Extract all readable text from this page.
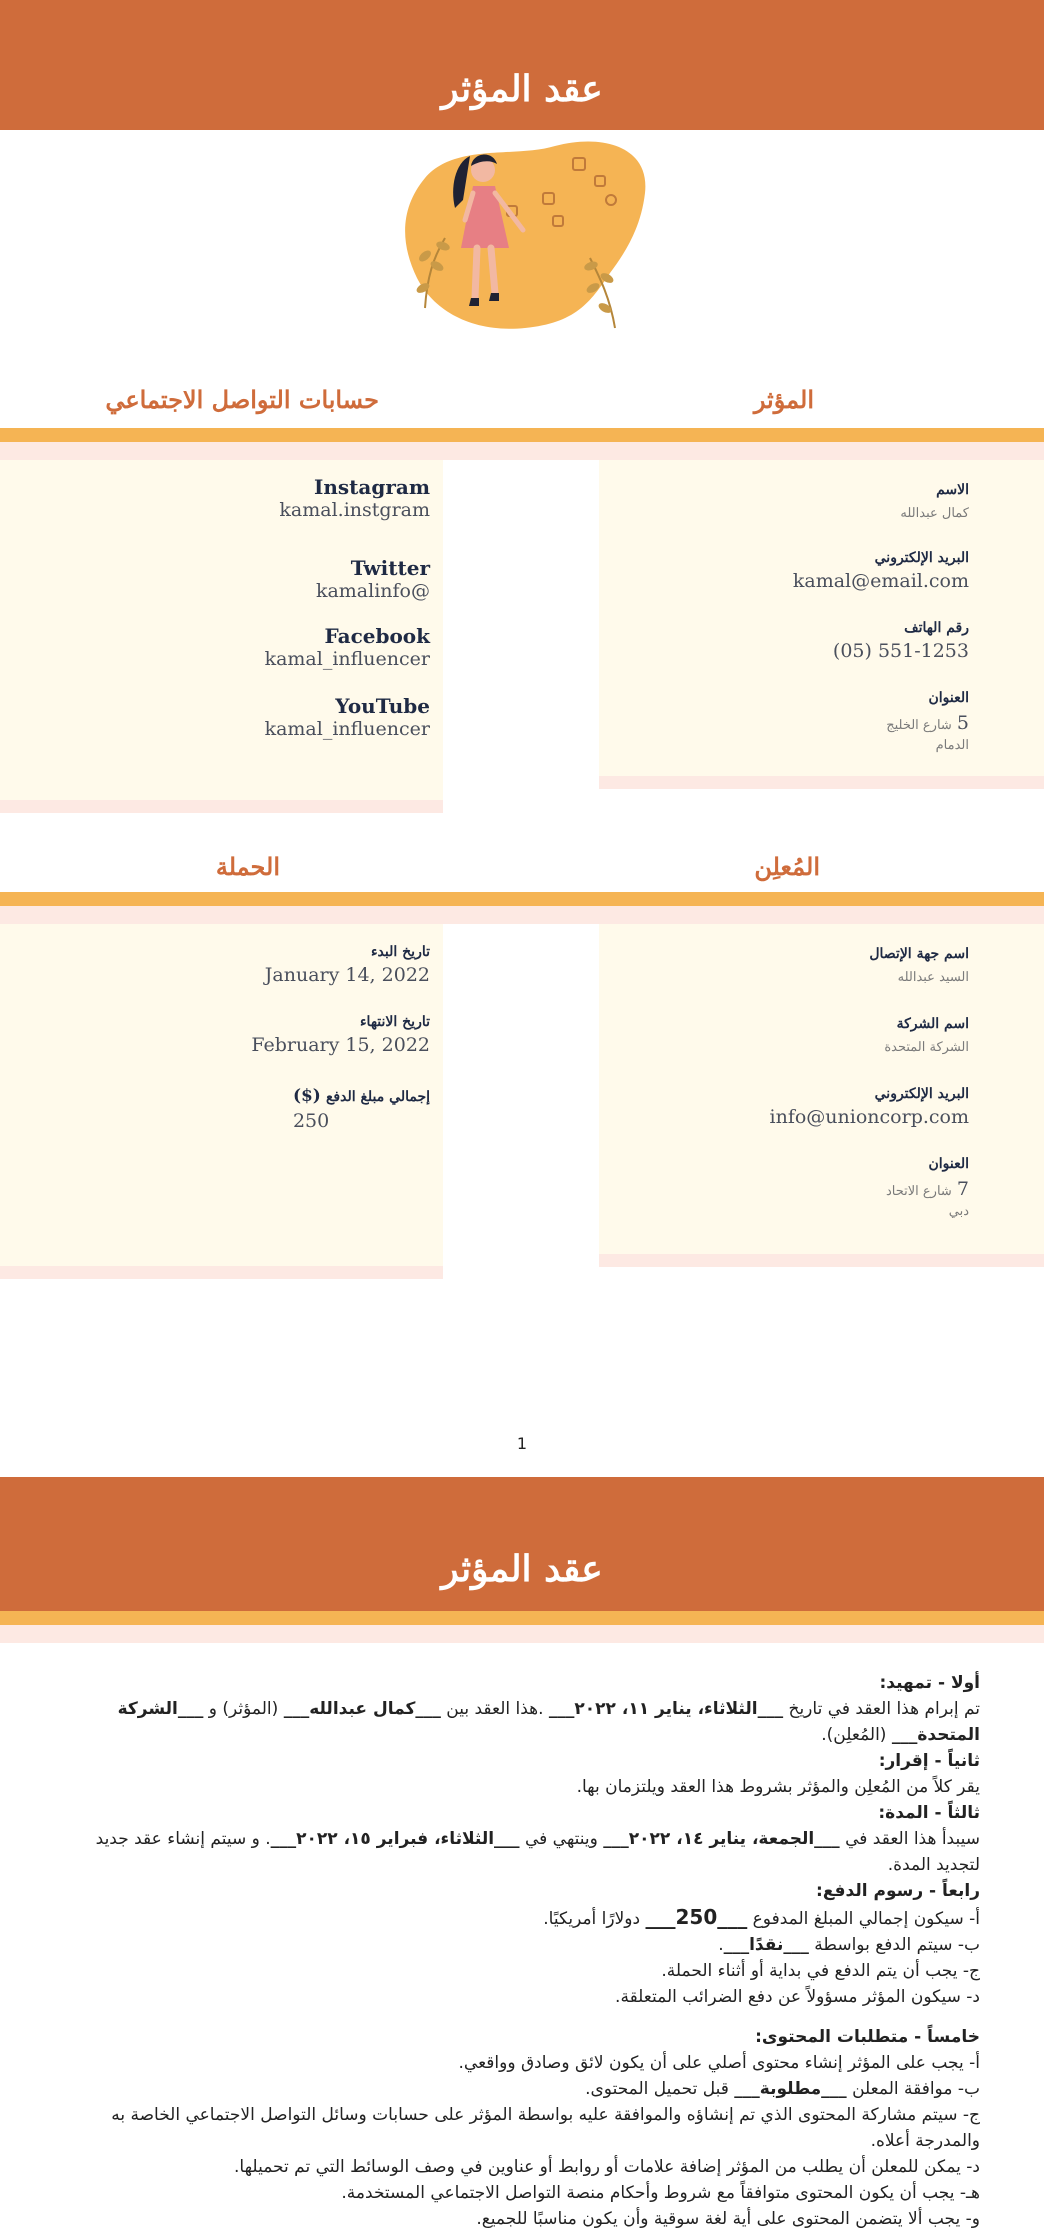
عقد المؤثر
المؤثر
حسابات التواصل الاجتماعي
Instagram
kamal.instgram
Twitter
kamalinfo@
Facebook
kamal_influencer
YouTube
kamal_influencer
الاسم
كمال عبدالله
البريد الإلكتروني
kamal@email.com
رقم الهاتف
(05) 551-1253
العنوان
5 شارع الخليج
الدمام
المُعلِن
الحملة
تاريخ البدء
January 14, 2022
تاريخ الانتهاء
February 15, 2022
إجمالي مبلغ الدفع ($)
250
اسم جهة الإتصال
السيد عبدالله
اسم الشركة
الشركة المتحدة
البريد الإلكتروني
info@unioncorp.com
العنوان
7 شارع الاتحاد
دبي
1
عقد المؤثر
أولا - تمهيد:
تم إبرام هذا العقد في تاريخ ___الثلاثاء، يناير ١١، ٢٠٢٢___ .هذا العقد بين ___كمال عبدالله___ (المؤثر) و ___الشركة المتحدة___ (المُعلِن).
ثانياً - إقرار:
يقر كلاً من المُعلِن والمؤثر بشروط هذا العقد ويلتزمان بها.
ثالثاً - المدة:
سيبدأ هذا العقد في ___الجمعة، يناير ١٤، ٢٠٢٢___ وينتهي في ___الثلاثاء، فبراير ١٥، ٢٠٢٢___. و سيتم إنشاء عقد جديد لتجديد المدة.
رابعاً - رسوم الدفع:
أ- سيكون إجمالي المبلغ المدفوع ___250___ دولارًا أمريكيًا.
ب- سيتم الدفع بواسطة ___نقدًا___.
ج- يجب أن يتم الدفع في بداية أو أثناء الحملة.
د- سيكون المؤثر مسؤولاً عن دفع الضرائب المتعلقة.
خامساً - متطلبات المحتوى:
أ- يجب على المؤثر إنشاء محتوى أصلي على أن يكون لائق وصادق وواقعي.
ب- موافقة المعلن ___مطلوبة___ قبل تحميل المحتوى.
ج- سيتم مشاركة المحتوى الذي تم إنشاؤه والموافقة عليه بواسطة المؤثر على حسابات وسائل التواصل الاجتماعي الخاصة به والمدرجة أعلاه.
د- يمكن للمعلن أن يطلب من المؤثر إضافة علامات أو روابط أو عناوين في وصف الوسائط التي تم تحميلها.
هـ- يجب أن يكون المحتوى متوافقاً مع شروط وأحكام منصة التواصل الاجتماعي المستخدمة.
و- يجب ألا يتضمن المحتوى على أية لغة سوقية وأن يكون مناسبًا للجميع.
